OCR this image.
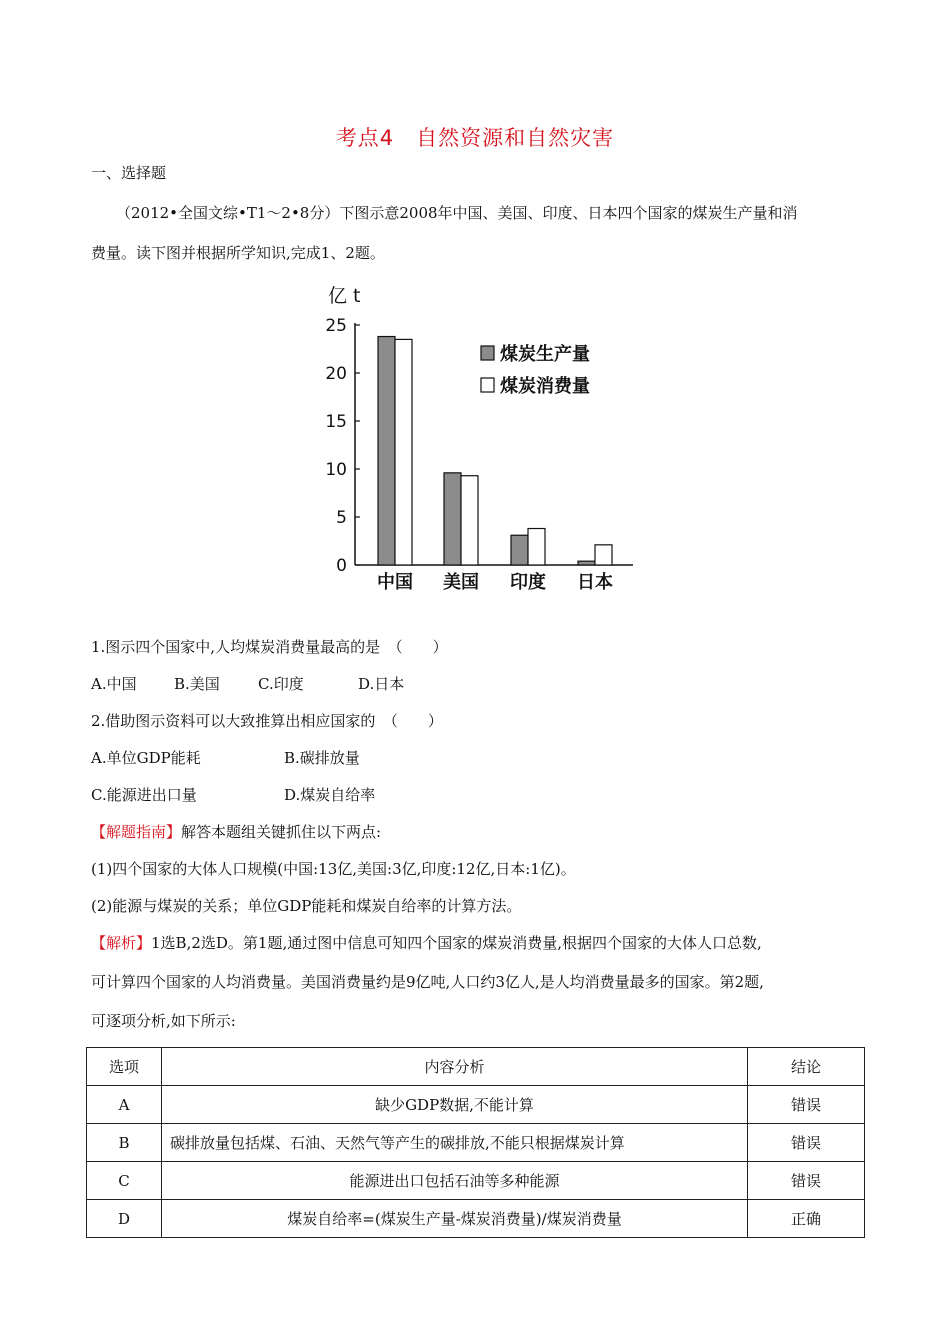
考点4　自然资源和自然灾害
一、选择题
（2012•全国文综•T1～2•8分）下图示意2008年中国、美国、印度、日本四个国家的煤炭生产量和消
费量。读下图并根据所学知识,完成1、2题。
亿 t
0
5
10
15
20
25
中国 美国 印度 日本
煤炭生产量
煤炭消费量
1.图示四个国家中,人均煤炭消费量最高的是　（　　）
A.中国 B.美国	C.印度	D.日本
2.借助图示资料可以大致推算出相应国家的　（　　）
A.单位GDP能耗	B.碳排放量
C.能源进出口量	D.煤炭自给率
【解题指南】解答本题组关键抓住以下两点:
(1)四个国家的大体人口规模(中国:13亿,美国:3亿,印度:12亿,日本:1亿)。
(2)能源与煤炭的关系；单位GDP能耗和煤炭自给率的计算方法。
【解析】1选B,2选D。第1题,通过图中信息可知四个国家的煤炭消费量,根据四个国家的大体人口总数,
可计算四个国家的人均消费量。美国消费量约是9亿吨,人口约3亿人,是人均消费量最多的国家。第2题,
可逐项分析,如下所示:
选项	内容分析	结论
A	缺少GDP数据,不能计算	错误
B	碳排放量包括煤、石油、天然气等产生的碳排放,不能只根据煤炭计算	错误
C	能源进出口包括石油等多种能源	错误
D	煤炭自给率=(煤炭生产量-煤炭消费量)/煤炭消费量	正确
